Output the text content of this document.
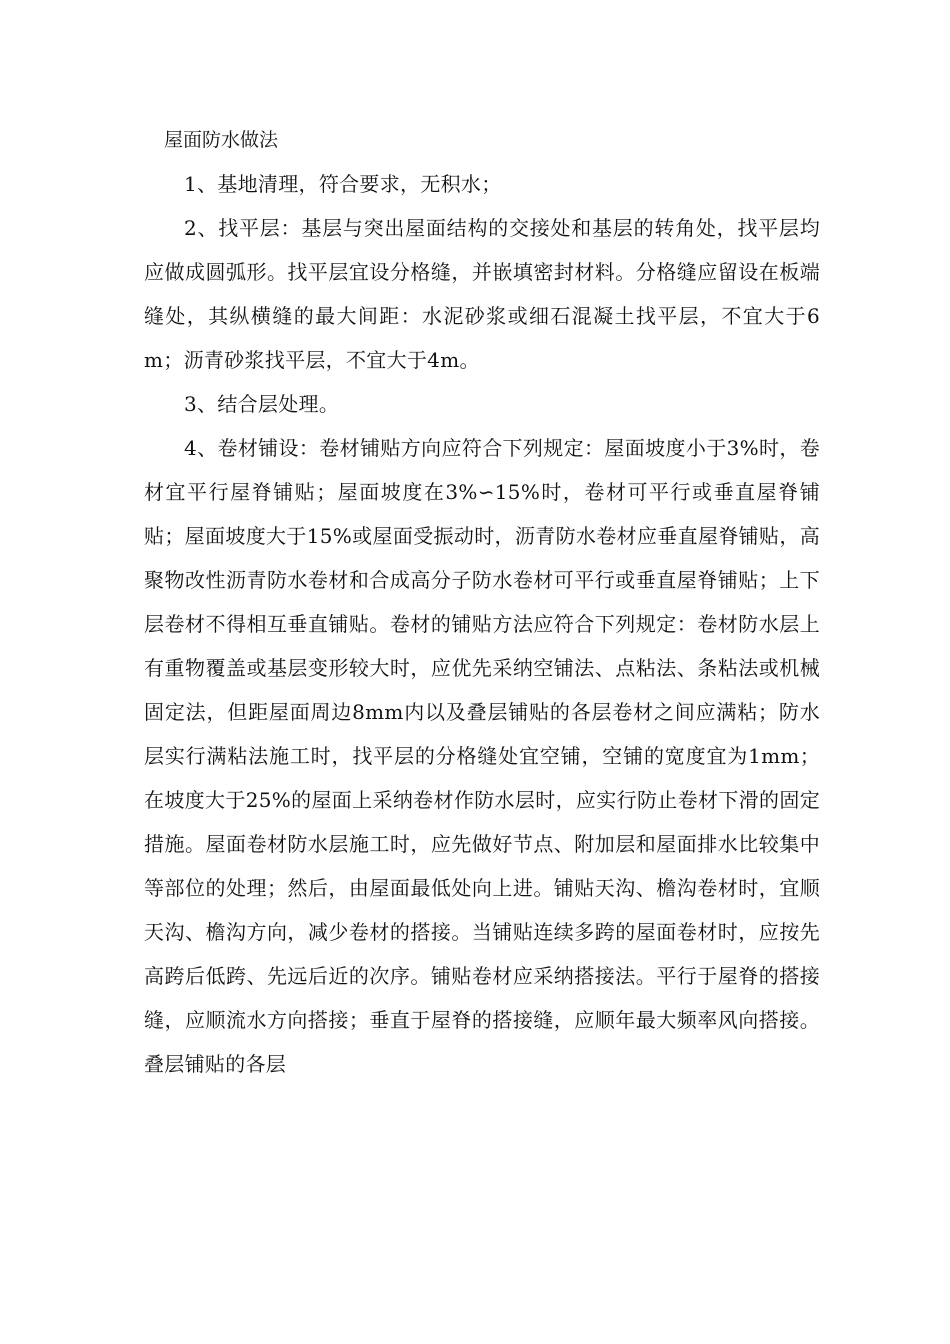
屋面防水做法

1、基地清理，符合要求，无积水；

2、找平层：基层与突出屋面结构的交接处和基层的转角处，找平层均应做成圆弧形。找平层宜设分格缝，并嵌填密封材料。分格缝应留设在板端缝处，其纵横缝的最大间距：水泥砂浆或细石混凝土找平层，不宜大于6m；沥青砂浆找平层，不宜大于4m。

3、结合层处理。

4、卷材铺设：卷材铺贴方向应符合下列规定：屋面坡度小于3%时，卷材宜平行屋脊铺贴；屋面坡度在3%∽15%时，卷材可平行或垂直屋脊铺贴；屋面坡度大于15%或屋面受振动时，沥青防水卷材应垂直屋脊铺贴，高聚物改性沥青防水卷材和合成高分子防水卷材可平行或垂直屋脊铺贴；上下层卷材不得相互垂直铺贴。卷材的铺贴方法应符合下列规定：卷材防水层上有重物覆盖或基层变形较大时，应优先采纳空铺法、点粘法、条粘法或机械固定法，但距屋面周边8mm内以及叠层铺贴的各层卷材之间应满粘；防水层实行满粘法施工时，找平层的分格缝处宜空铺，空铺的宽度宜为1mm；在坡度大于25%的屋面上采纳卷材作防水层时，应实行防止卷材下滑的固定措施。屋面卷材防水层施工时，应先做好节点、附加层和屋面排水比较集中等部位的处理；然后，由屋面最低处向上进。铺贴天沟、檐沟卷材时，宜顺天沟、檐沟方向，减少卷材的搭接。当铺贴连续多跨的屋面卷材时，应按先高跨后低跨、先远后近的次序。铺贴卷材应采纳搭接法。平行于屋脊的搭接缝，应顺流水方向搭接；垂直于屋脊的搭接缝，应顺年最大频率风向搭接。叠层铺贴的各层
